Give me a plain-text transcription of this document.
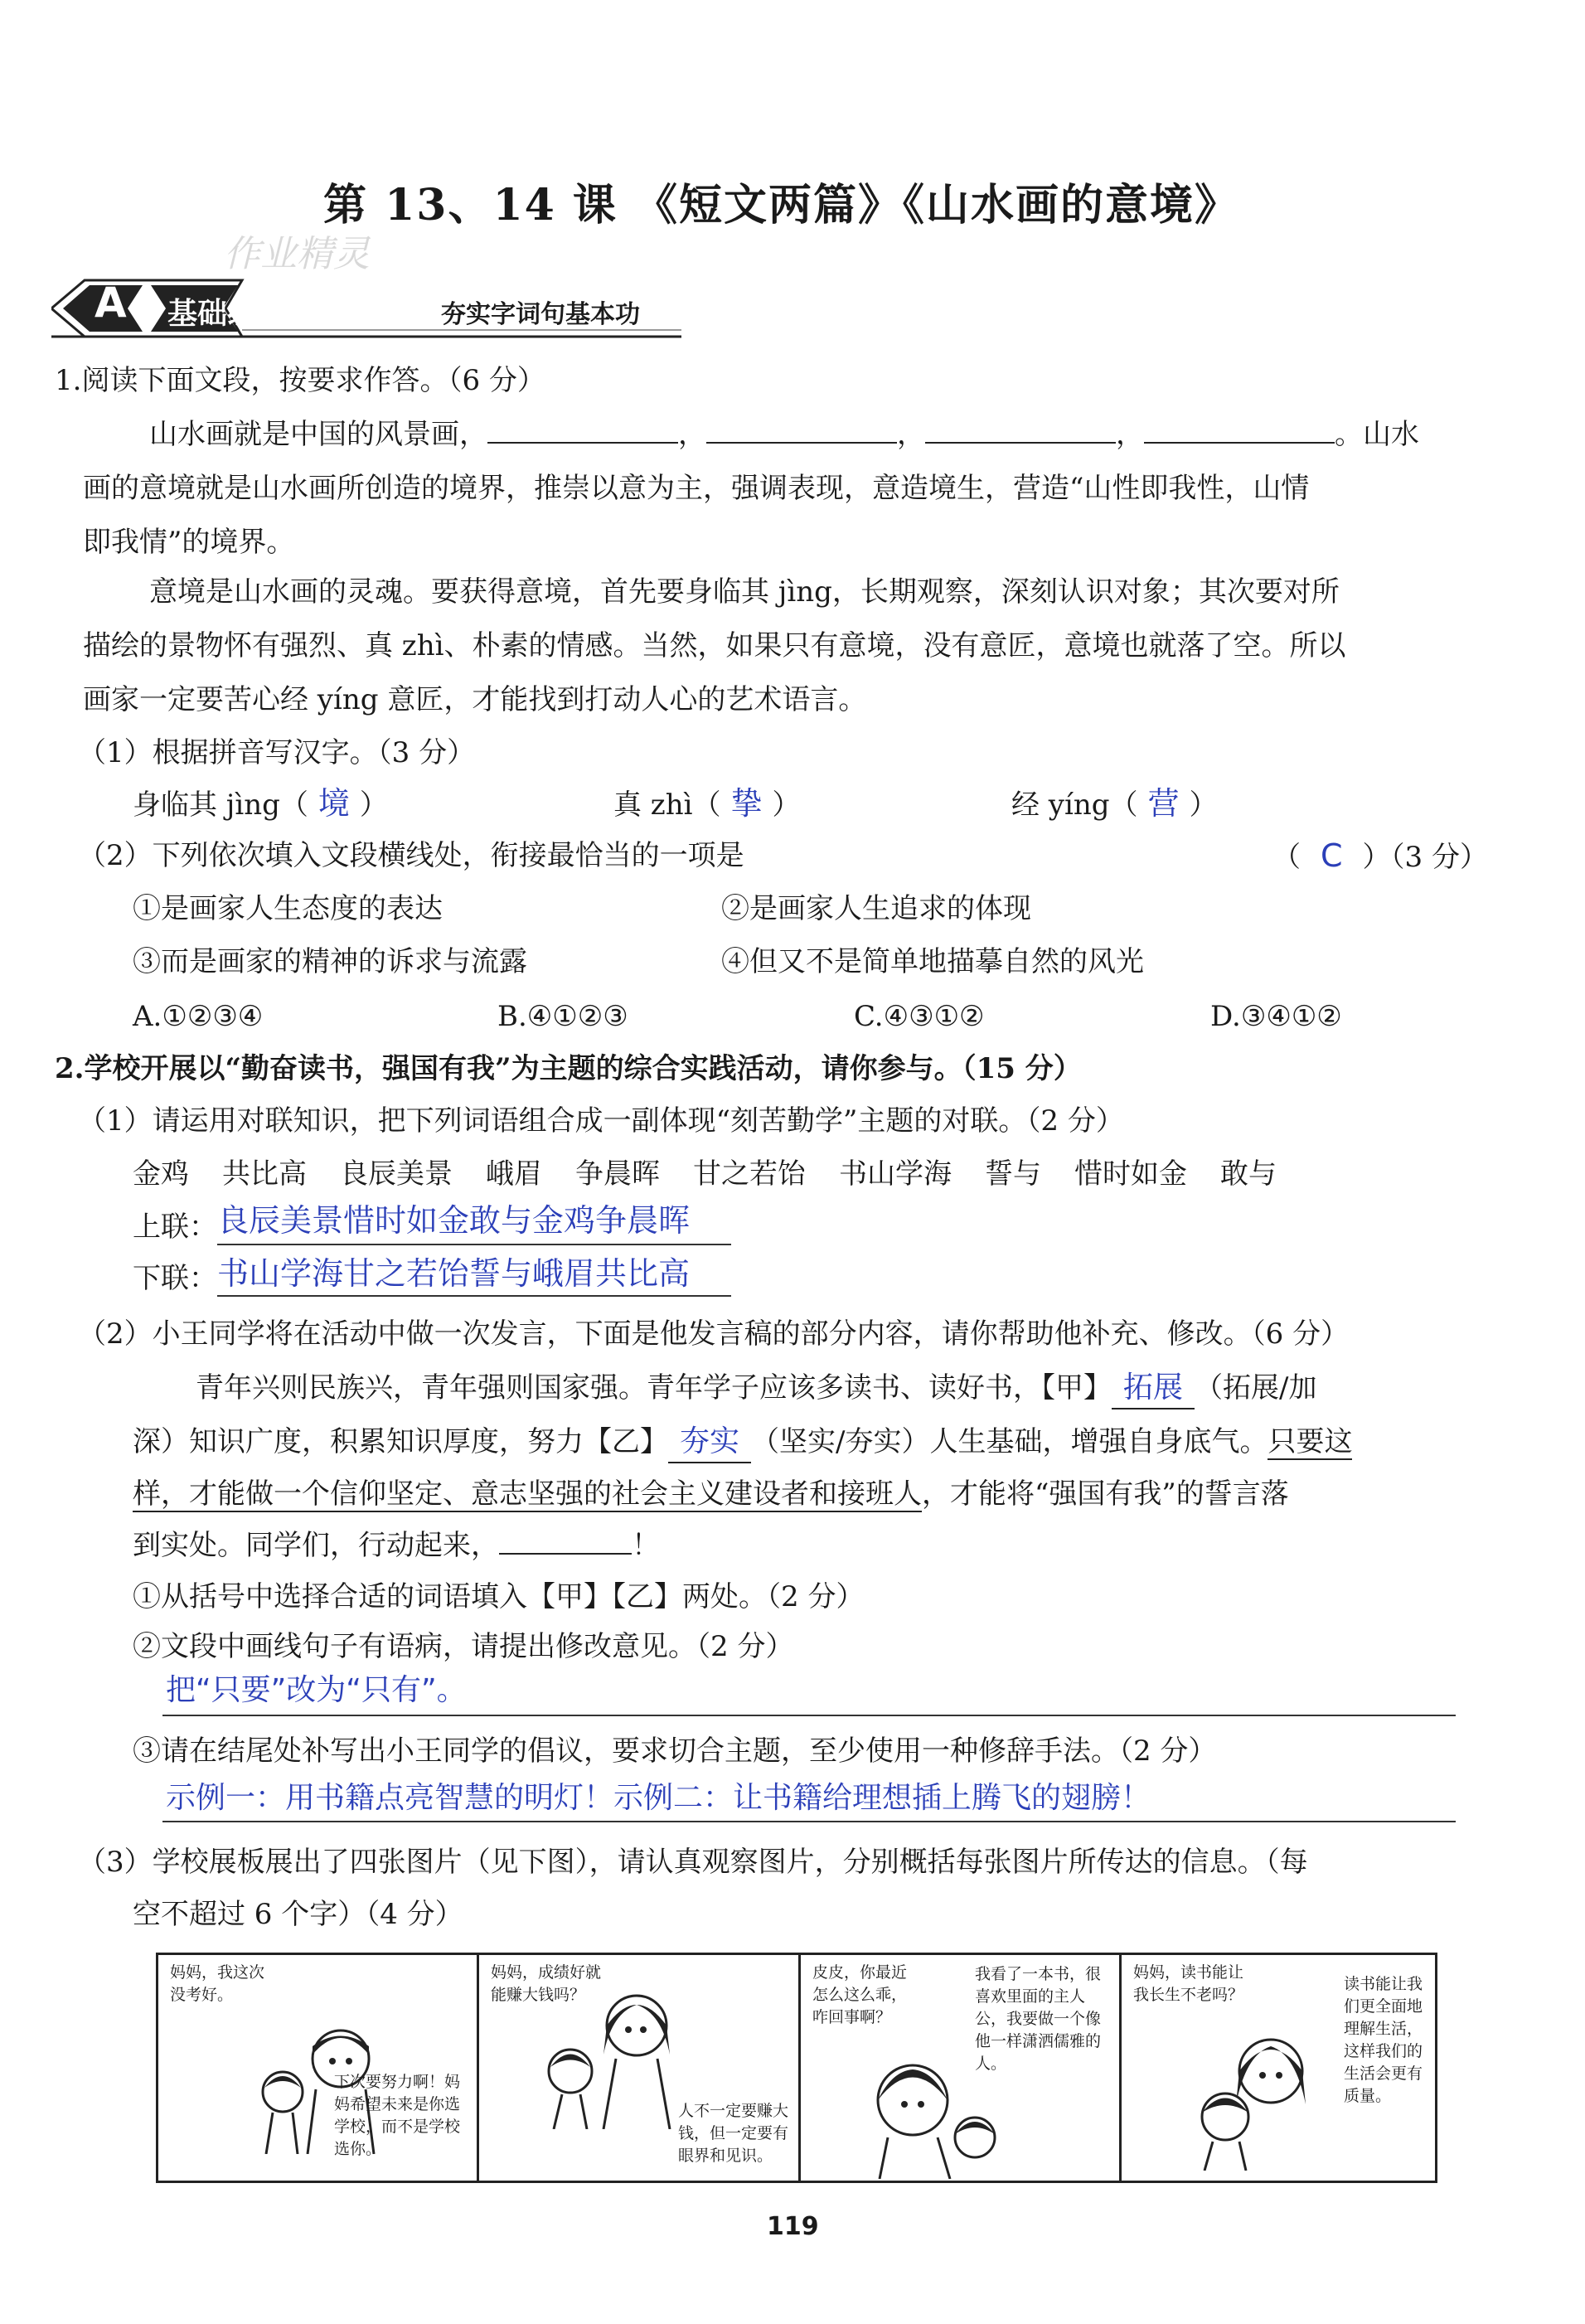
第 13、14 课 《短文两篇》《山水画的意境》
作业精灵
A 基础练	夯实字词句基本功
1.阅读下面文段，按要求作答。（6 分）
山水画就是中国的风景画，	，	，	，	。山水
画的意境就是山水画所创造的境界，推崇以意为主，强调表现，意造境生，营造“山性即我性，山情
即我情”的境界。
意境是山水画的灵魂。要获得意境，首先要身临其 jìng，长期观察，深刻认识对象；其次要对所
描绘的景物怀有强烈、真 zhì、朴素的情感。当然，如果只有意境，没有意匠，意境也就落了空。所以
画家一定要苦心经 yíng 意匠，才能找到打动人心的艺术语言。
（1）根据拼音写汉字。（3 分）
身临其 jìng（ 境 ）	真 zhì（ 挚 ）	经 yíng（ 营 ）
（2）下列依次填入文段横线处，衔接最恰当的一项是	（ C ）（3 分）
①是画家人生态度的表达	②是画家人生追求的体现
③而是画家的精神的诉求与流露	④但又不是简单地描摹自然的风光
A.①②③④	B.④①②③	C.④③①②	D.③④①②
2.学校开展以“勤奋读书，强国有我”为主题的综合实践活动，请你参与。（15 分）
（1）请运用对联知识，把下列词语组合成一副体现“刻苦勤学”主题的对联。（2 分）
金鸡 共比高 良辰美景 峨眉 争晨晖 甘之若饴 书山学海 誓与 惜时如金 敢与
上联： 良辰美景惜时如金敢与金鸡争晨晖
下联： 书山学海甘之若饴誓与峨眉共比高
（2）小王同学将在活动中做一次发言，下面是他发言稿的部分内容，请你帮助他补充、修改。（6 分）
青年兴则民族兴，青年强则国家强。青年学子应该多读书、读好书，【甲】 拓展 （拓展/加
深）知识广度，积累知识厚度，努力【乙】 夯实 （坚实/夯实）人生基础，增强自身底气。只要这
样，才能做一个信仰坚定、意志坚强的社会主义建设者和接班人，才能将“强国有我”的誓言落
到实处。同学们，行动起来，	！
①从括号中选择合适的词语填入【甲】【乙】两处。（2 分）
②文段中画线句子有语病，请提出修改意见。（2 分）
把“只要”改为“只有”。
③请在结尾处补写出小王同学的倡议，要求切合主题，至少使用一种修辞手法。（2 分）
示例一：用书籍点亮智慧的明灯！示例二：让书籍给理想插上腾飞的翅膀！
（3）学校展板展出了四张图片（见下图），请认真观察图片，分别概括每张图片所传达的信息。（每
空不超过 6 个字）（4 分）
妈妈，我这次没考好。
下次要努力啊！妈妈希望未来是你选学校，而不是学校选你。
妈妈，成绩好就能赚大钱吗？
人不一定要赚大钱，但一定要有眼界和见识。
皮皮，你最近怎么这么乖，咋回事啊？
我看了一本书，很喜欢里面的主人公，我要做一个像他一样潇洒儒雅的人。
妈妈，读书能让我长生不老吗？
读书能让我们更全面地理解生活，这样我们的生活会更有质量。
119
